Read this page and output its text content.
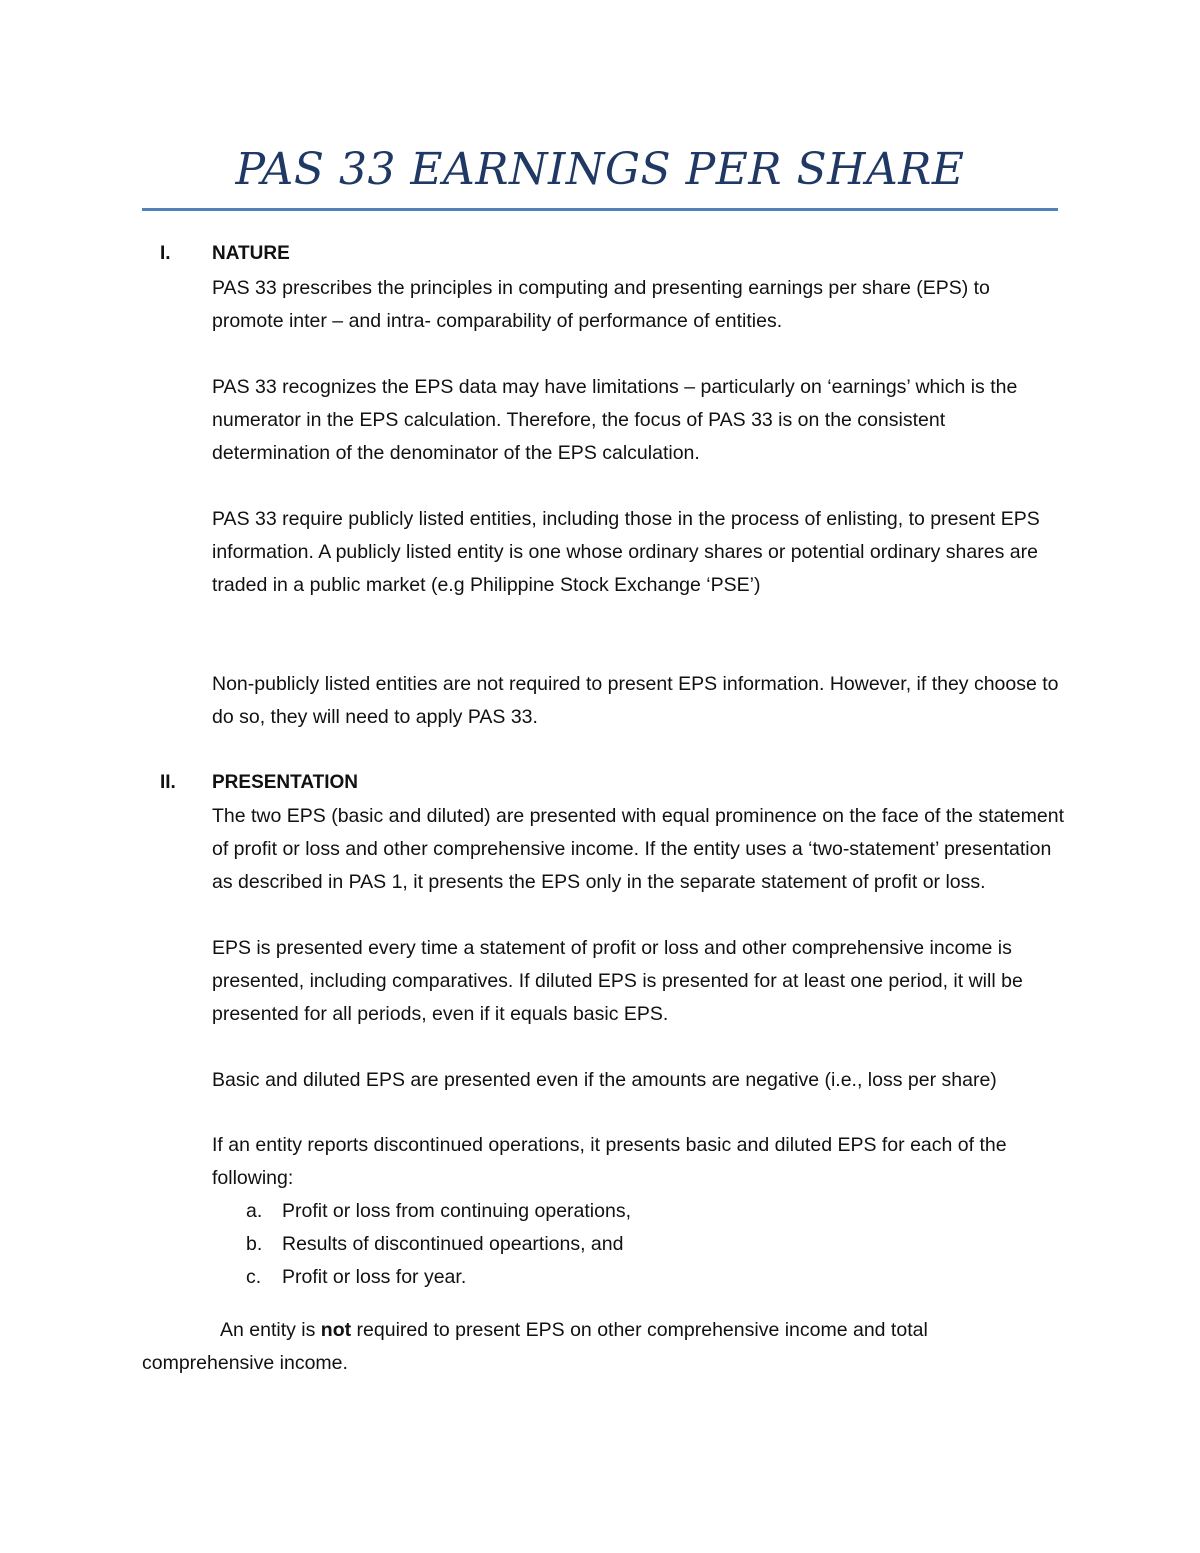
PAS 33 EARNINGS PER SHARE
I. NATURE

PAS 33 prescribes the principles in computing and presenting earnings per share (EPS) to promote inter – and intra- comparability of performance of entities.

PAS 33 recognizes the EPS data may have limitations – particularly on ‘earnings’ which is the numerator in the EPS calculation. Therefore, the focus of PAS 33 is on the consistent determination of the denominator of the EPS calculation.

PAS 33 require publicly listed entities, including those in the process of enlisting, to present EPS information. A publicly listed entity is one whose ordinary shares or potential ordinary shares are traded in a public market (e.g Philippine Stock Exchange ‘PSE’)

Non-publicly listed entities are not required to present EPS information. However, if they choose to do so, they will need to apply PAS 33.

II. PRESENTATION

The two EPS (basic and diluted) are presented with equal prominence on the face of the statement of profit or loss and other comprehensive income. If the entity uses a ‘two-statement’ presentation as described in PAS 1, it presents the EPS only in the separate statement of profit or loss.

EPS is presented every time a statement of profit or loss and other comprehensive income is presented, including comparatives. If diluted EPS is presented for at least one period, it will be presented for all periods, even if it equals basic EPS.

Basic and diluted EPS are presented even if the amounts are negative (i.e., loss per share)

If an entity reports discontinued operations, it presents basic and diluted EPS for each of the following:

a. Profit or loss from continuing operations,
b. Results of discontinued opeartions, and
c. Profit or loss for year.

An entity is not required to present EPS on other comprehensive income and total comprehensive income.
